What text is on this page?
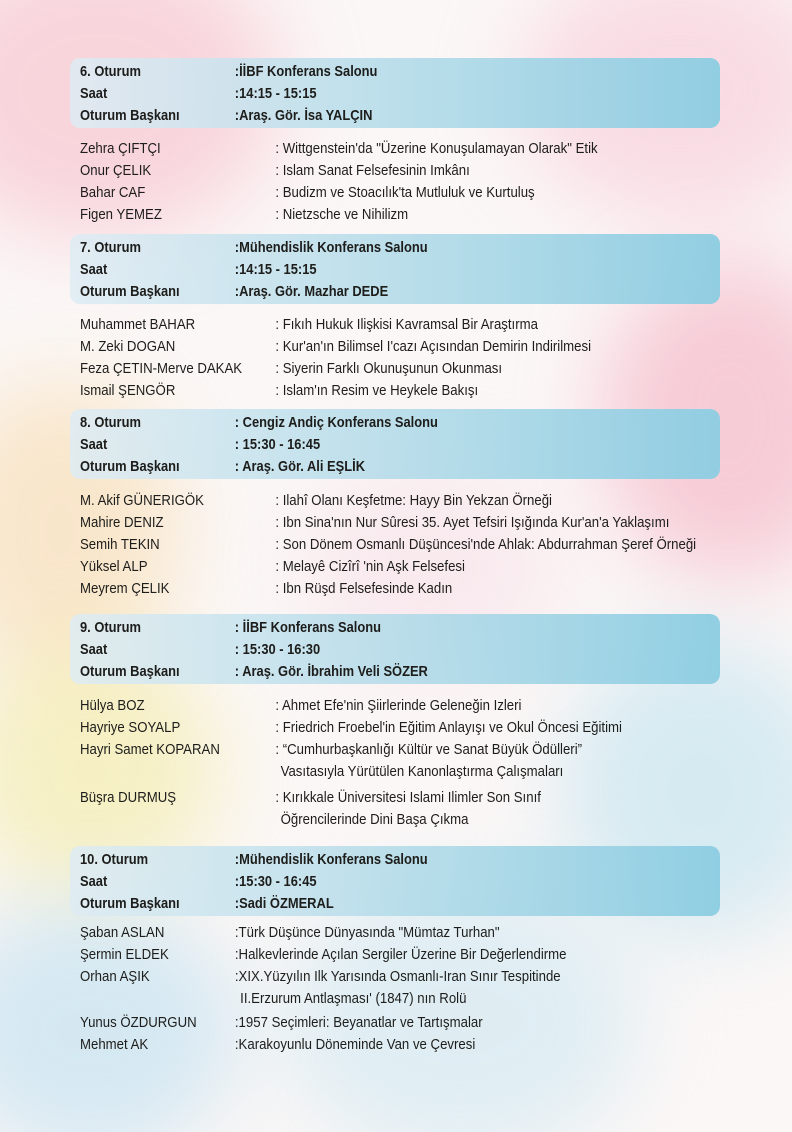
6. Oturum	:İİBF Konferans Salonu
Saat	:14:15 - 15:15
Oturum Başkanı	:Araş. Gör. İsa YALÇIN
Zehra ÇIFTÇI	: Wittgenstein'da "Üzerine Konuşulamayan Olarak" Etik
Onur ÇELIK	: Islam Sanat Felsefesinin Imkânı
Bahar CAF	: Budizm ve Stoacılık'ta Mutluluk ve Kurtuluş
Figen YEMEZ	: Nietzsche ve Nihilizm
7. Oturum	:Mühendislik Konferans Salonu
Saat	:14:15 - 15:15
Oturum Başkanı	:Araş. Gör. Mazhar DEDE
Muhammet BAHAR	: Fıkıh Hukuk Ilişkisi Kavramsal Bir Araştırma
M. Zeki DOGAN	: Kur'an'ın Bilimsel I'cazı Açısından Demirin Indirilmesi
Feza ÇETIN-Merve DAKAK : Siyerin Farklı Okunuşunun Okunması
Ismail ŞENGÖR	: Islam'ın Resim ve Heykele Bakışı
8. Oturum	: Cengiz Andiç Konferans Salonu
Saat	: 15:30 - 16:45
Oturum Başkanı	: Araş. Gör. Ali EŞLİK
M. Akif GÜNERIGÖK	: Ilahî Olanı Keşfetme: Hayy Bin Yekzan Örneği
Mahire DENIZ	: Ibn Sina'nın Nur Sûresi 35. Ayet Tefsiri Işığında Kur'an'a Yaklaşımı
Semih TEKIN	: Son Dönem Osmanlı Düşüncesi'nde Ahlak: Abdurrahman Şeref Örneği
Yüksel ALP	: Melayê Cizîrî 'nin Aşk Felsefesi
Meyrem ÇELIK	: Ibn Rüşd Felsefesinde Kadın
9. Oturum	: İİBF Konferans Salonu
Saat	: 15:30 - 16:30
Oturum Başkanı	: Araş. Gör. İbrahim Veli SÖZER
Hülya BOZ	: Ahmet Efe'nin Şiirlerinde Geleneğin Izleri
Hayriye SOYALP	: Friedrich Froebel'in Eğitim Anlayışı ve Okul Öncesi Eğitimi
Hayri Samet KOPARAN	: “Cumhurbaşkanlığı Kültür ve Sanat Büyük Ödülleri”
Vasıtasıyla Yürütülen Kanonlaştırma Çalışmaları
Büşra DURMUŞ	: Kırıkkale Üniversitesi Islami Ilimler Son Sınıf
Öğrencilerinde Dini Başa Çıkma
10. Oturum	:Mühendislik Konferans Salonu
Saat	:15:30 - 16:45
Oturum Başkanı	:Sadi ÖZMERAL
Şaban ASLAN	:Türk Düşünce Dünyasında "Mümtaz Turhan"
Şermin ELDEK	:Halkevlerinde Açılan Sergiler Üzerine Bir Değerlendirme
Orhan AŞIK	:XIX.Yüzyılın Ilk Yarısında Osmanlı-Iran Sınır Tespitinde
II.Erzurum Antlaşması' (1847) nın Rolü
Yunus ÖZDURGUN	:1957 Seçimleri: Beyanatlar ve Tartışmalar
Mehmet AK	:Karakoyunlu Döneminde Van ve Çevresi
